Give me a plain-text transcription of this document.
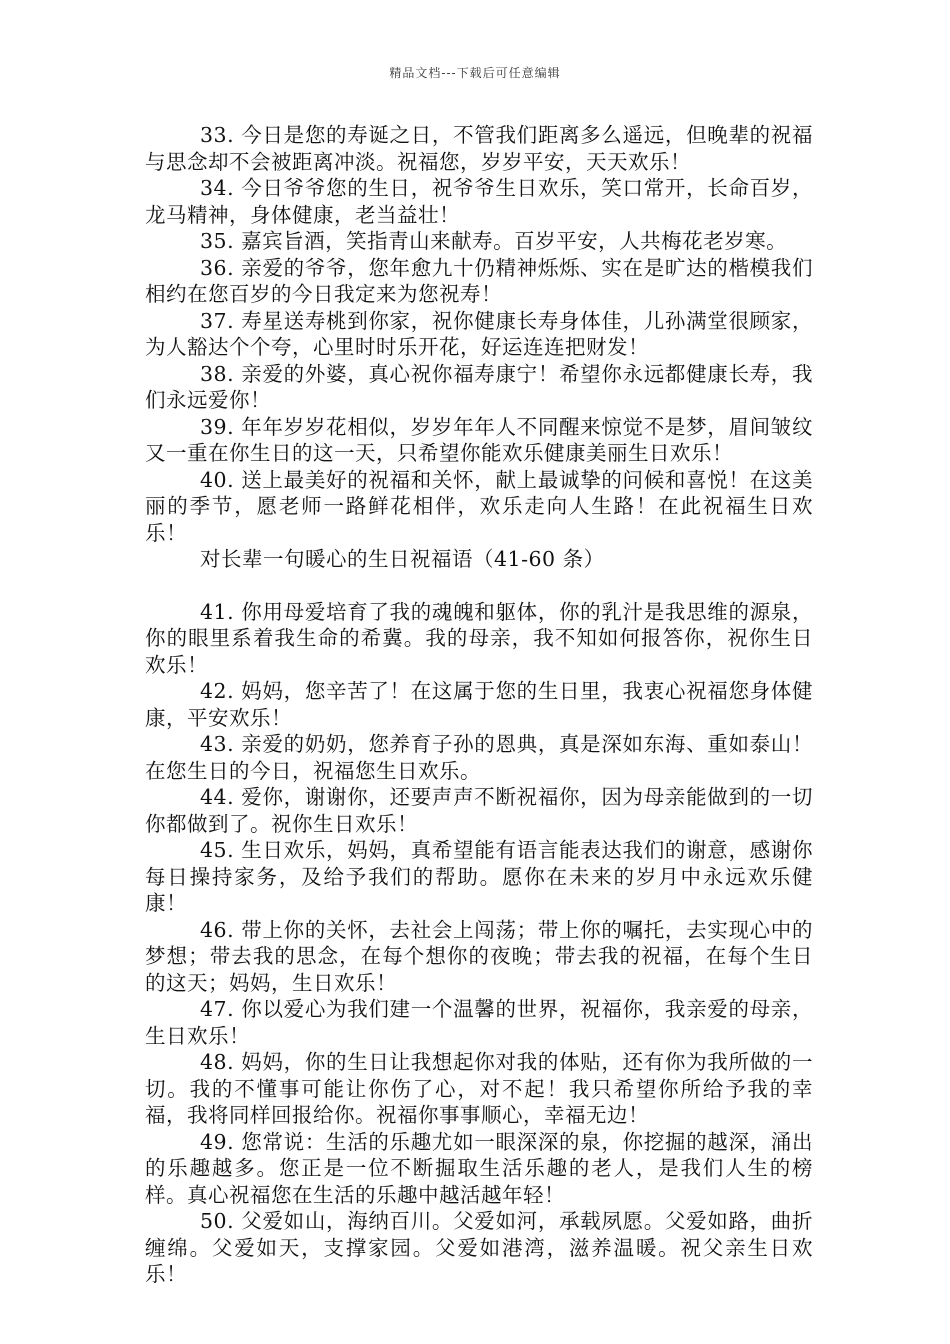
精品文档---下载后可任意编辑

33. 今日是您的寿诞之日，不管我们距离多么遥远，但晚辈的祝福与思念却不会被距离冲淡。祝福您，岁岁平安，天天欢乐！

34. 今日爷爷您的生日，祝爷爷生日欢乐，笑口常开，长命百岁，龙马精神，身体健康，老当益壮！

35. 嘉宾旨酒，笑指青山来献寿。百岁平安，人共梅花老岁寒。

36. 亲爱的爷爷，您年愈九十仍精神烁烁、实在是旷达的楷模我们相约在您百岁的今日我定来为您祝寿！

37. 寿星送寿桃到你家，祝你健康长寿身体佳，儿孙满堂很顾家，为人豁达个个夸，心里时时乐开花，好运连连把财发！

38. 亲爱的外婆，真心祝你福寿康宁！希望你永远都健康长寿，我们永远爱你！

39. 年年岁岁花相似，岁岁年年人不同醒来惊觉不是梦，眉间皱纹又一重在你生日的这一天，只希望你能欢乐健康美丽生日欢乐！

40. 送上最美好的祝福和关怀，献上最诚挚的问候和喜悦！在这美丽的季节，愿老师一路鲜花相伴，欢乐走向人生路！在此祝福生日欢乐！

对长辈一句暖心的生日祝福语（41-60 条）

41. 你用母爱培育了我的魂魄和躯体，你的乳汁是我思维的源泉，你的眼里系着我生命的希冀。我的母亲，我不知如何报答你，祝你生日欢乐！

42. 妈妈，您辛苦了！在这属于您的生日里，我衷心祝福您身体健康，平安欢乐！

43. 亲爱的奶奶，您养育子孙的恩典，真是深如东海、重如泰山！在您生日的今日，祝福您生日欢乐。

44. 爱你，谢谢你，还要声声不断祝福你，因为母亲能做到的一切你都做到了。祝你生日欢乐！

45. 生日欢乐，妈妈，真希望能有语言能表达我们的谢意，感谢你每日操持家务，及给予我们的帮助。愿你在未来的岁月中永远欢乐健康！

46. 带上你的关怀，去社会上闯荡；带上你的嘱托，去实现心中的梦想；带去我的思念，在每个想你的夜晚；带去我的祝福，在每个生日的这天；妈妈，生日欢乐！

47. 你以爱心为我们建一个温馨的世界，祝福你，我亲爱的母亲，生日欢乐！

48. 妈妈，你的生日让我想起你对我的体贴，还有你为我所做的一切。我的不懂事可能让你伤了心，对不起！我只希望你所给予我的幸福，我将同样回报给你。祝福你事事顺心，幸福无边！

49. 您常说：生活的乐趣尤如一眼深深的泉，你挖掘的越深，涌出的乐趣越多。您正是一位不断掘取生活乐趣的老人，是我们人生的榜样。真心祝福您在生活的乐趣中越活越年轻！

50. 父爱如山，海纳百川。父爱如河，承载夙愿。父爱如路，曲折缠绵。父爱如天，支撑家园。父爱如港湾，滋养温暖。祝父亲生日欢乐！
